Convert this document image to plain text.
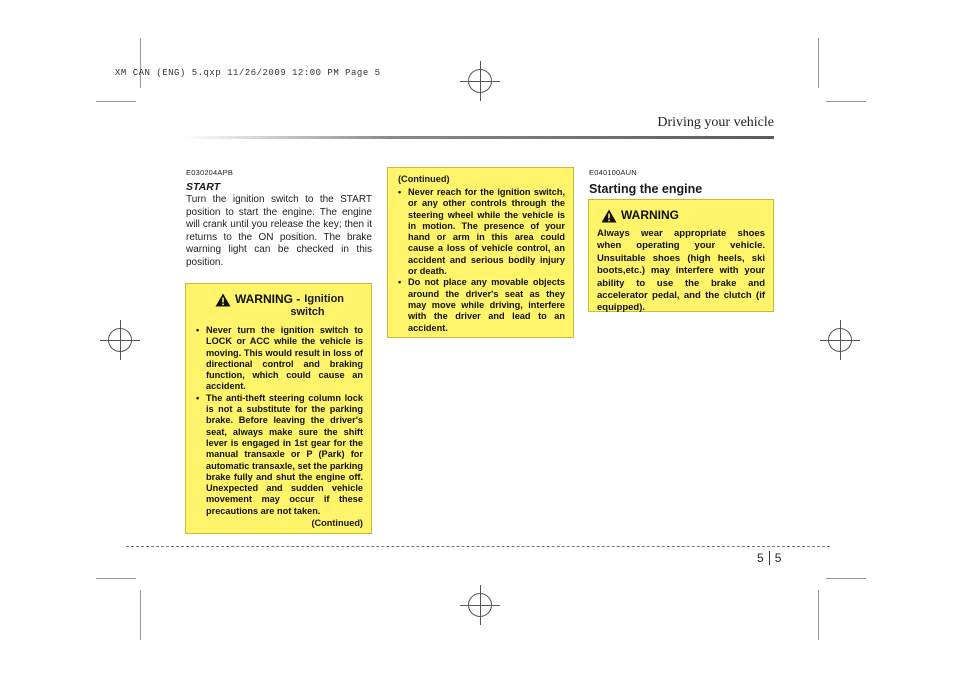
XM CAN (ENG) 5.qxp 11/26/2009 12:00 PM Page 5
Driving your vehicle
E030204APB
START
Turn the ignition switch to the START position to start the engine. The engine will crank until you release the key; then it returns to the ON position. The brake warning light can be checked in this position.
WARNING - Ignition
switch
• Never turn the ignition switch to LOCK or ACC while the vehicle is moving. This would result in loss of directional control and braking function, which could cause an accident.
• The anti-theft steering column lock is not a substitute for the parking brake. Before leaving the driver's seat, always make sure the shift lever is engaged in 1st gear for the manual transaxle or P (Park) for automatic transaxle, set the parking brake fully and shut the engine off. Unexpected and sudden vehicle movement may occur if these precautions are not taken.
(Continued)
(Continued)
• Never reach for the ignition switch, or any other controls through the steering wheel while the vehicle is in motion. The presence of your hand or arm in this area could cause a loss of vehicle control, an accident and serious bodily injury or death.
• Do not place any movable objects around the driver's seat as they may move while driving, interfere with the driver and lead to an accident.
E040100AUN
Starting the engine
WARNING
Always wear appropriate shoes when operating your vehicle. Unsuitable shoes (high heels, ski boots,etc.) may interfere with your ability to use the brake and accelerator pedal, and the clutch (if equipped).
5 5
